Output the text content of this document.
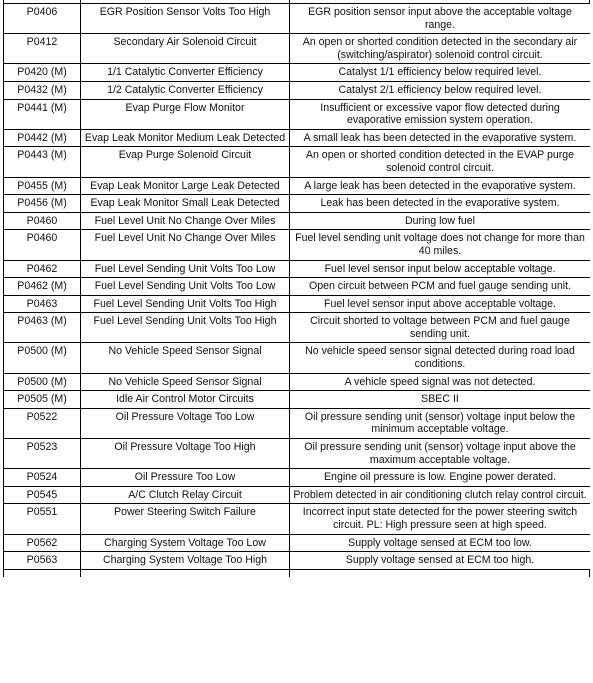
P0406	EGR Position Sensor Volts Too High	EGR position sensor input above the acceptable voltage range.
P0412	Secondary Air Solenoid Circuit	An open or shorted condition detected in the secondary air (switching/aspirator) solenoid control circuit.
P0420 (M)	1/1 Catalytic Converter Efficiency	Catalyst 1/1 efficiency below required level.
P0432 (M)	1/2 Catalytic Converter Efficiency	Catalyst 2/1 efficiency below required level.
P0441 (M)	Evap Purge Flow Monitor	Insufficient or excessive vapor flow detected during evaporative emission system operation.
P0442 (M)	Evap Leak Monitor Medium Leak Detected	A small leak has been detected in the evaporative system.
P0443 (M)	Evap Purge Solenoid Circuit	An open or shorted condition detected in the EVAP purge solenoid control circuit.
P0455 (M)	Evap Leak Monitor Large Leak Detected	A large leak has been detected in the evaporative system.
P0456 (M)	Evap Leak Monitor Small Leak Detected	Leak has been detected in the evaporative system.
P0460	Fuel Level Unit No Change Over Miles	During low fuel
P0460	Fuel Level Unit No Change Over Miles	Fuel level sending unit voltage does not change for more than 40 miles.
P0462	Fuel Level Sending Unit Volts Too Low	Fuel level sensor input below acceptable voltage.
P0462 (M)	Fuel Level Sending Unit Volts Too Low	Open circuit between PCM and fuel gauge sending unit.
P0463	Fuel Level Sending Unit Volts Too High	Fuel level sensor input above acceptable voltage.
P0463 (M)	Fuel Level Sending Unit Volts Too High	Circuit shorted to voltage between PCM and fuel gauge sending unit.
P0500 (M)	No Vehicle Speed Sensor Signal	No vehicle speed sensor signal detected during road load conditions.
P0500 (M)	No Vehicle Speed Sensor Signal	A vehicle speed signal was not detected.
P0505 (M)	Idle Air Control Motor Circuits	SBEC II
P0522	Oil Pressure Voltage Too Low	Oil pressure sending unit (sensor) voltage input below the minimum acceptable voltage.
P0523	Oil Pressure Voltage Too High	Oil pressure sending unit (sensor) voltage input above the maximum acceptable voltage.
P0524	Oil Pressure Too Low	Engine oil pressure is low. Engine power derated.
P0545	A/C Clutch Relay Circuit	Problem detected in air conditioning clutch relay control circuit.
P0551	Power Steering Switch Failure	Incorrect input state detected for the power steering switch circuit. PL: High pressure seen at high speed.
P0562	Charging System Voltage Too Low	Supply voltage sensed at ECM too low.
P0563	Charging System Voltage Too High	Supply voltage sensed at ECM too high.
